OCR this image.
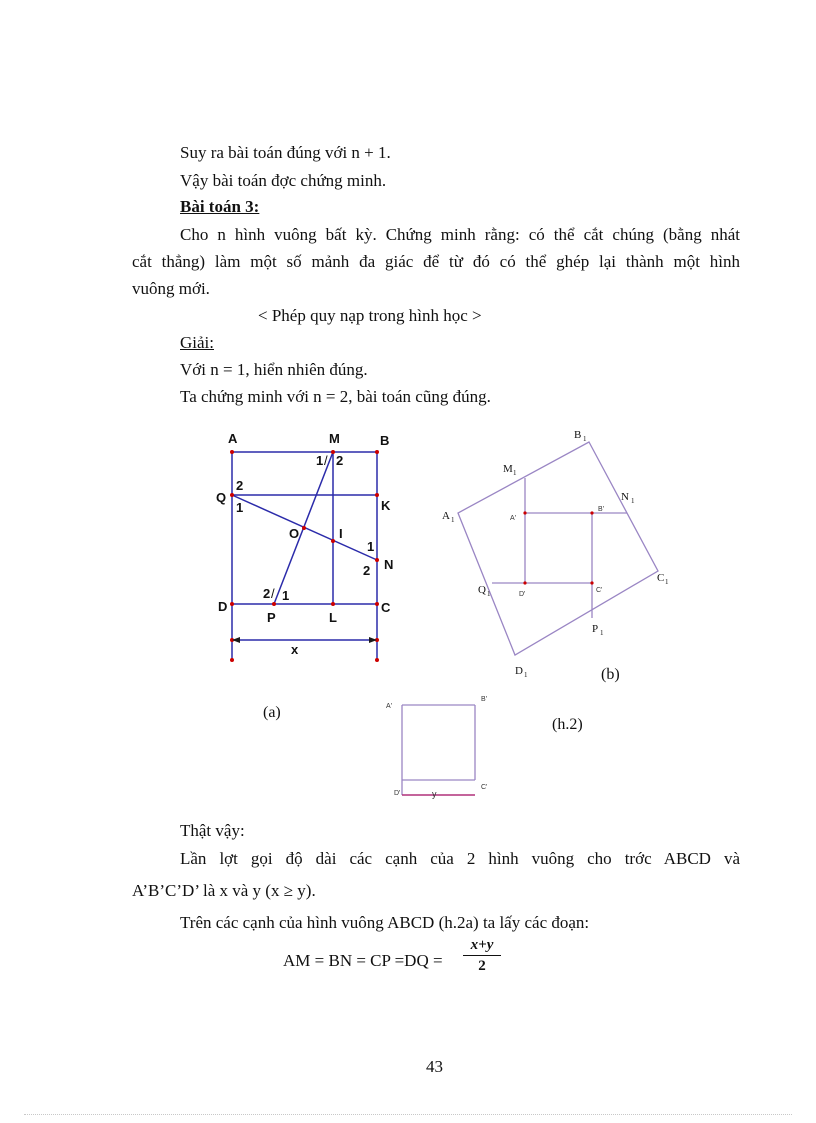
Suy ra bài toán đúng với n + 1.
Vậy bài toán đợc chứng minh.
Bài toán 3:
Cho n hình vuông bất kỳ. Chứng minh rằng: có thể cắt chúng (bằng nhát
cắt thẳng) làm một số mảnh đa giác để từ đó có thể ghép lại thành một hình
vuông mới.
< Phép quy nạp trong hình học >
Giải:
Với n = 1, hiển nhiên đúng.
Ta chứng minh với n = 2, bài toán cũng đúng.
A	M	B
Q
K
O	I
N
D
P	L
C
x
1 / 2
2
1
1
2
2 / 1
(a)
B 1
M 1
N 1
A 1
C 1
Q 1
P 1
D 1
A'
B'
D'
C'
(b)
A'
B'
C'
D'	y
(h.2)
Thật vậy:
Lần lợt gọi độ dài các cạnh của 2 hình vuông cho trớc ABCD và
A’B’C’D’ là x và y (x ≥ y).
Trên các cạnh của hình vuông ABCD (h.2a) ta lấy các đoạn:
AM = BN = CP =DQ =
x+y
2
43
